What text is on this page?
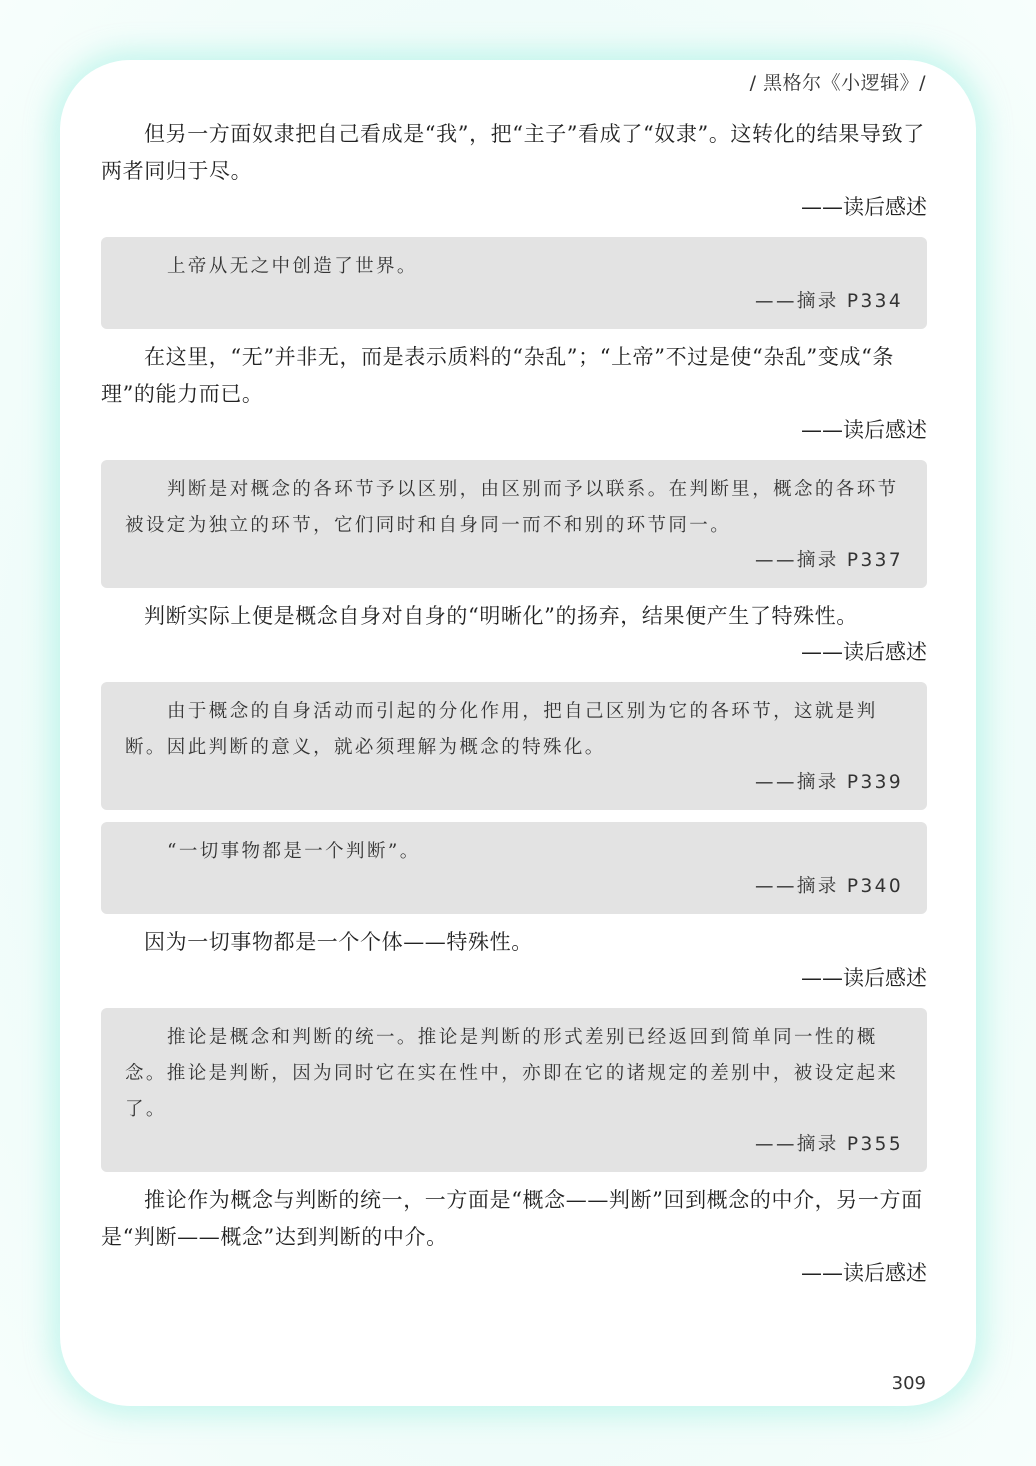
/ 黑格尔《小逻辑》/

但另一方面奴隶把自己看成是“我”，把“主子”看成了“奴隶”。这转化的结果导致了两者同归于尽。

——读后感述

上帝从无之中创造了世界。

——摘录 P334

在这里，“无”并非无，而是表示质料的“杂乱”；“上帝”不过是使“杂乱”变成“条理”的能力而已。

——读后感述

判断是对概念的各环节予以区别，由区别而予以联系。在判断里，概念的各环节被设定为独立的环节，它们同时和自身同一而不和别的环节同一。

——摘录 P337

判断实际上便是概念自身对自身的“明晰化”的扬弃，结果便产生了特殊性。

——读后感述

由于概念的自身活动而引起的分化作用，把自己区别为它的各环节，这就是判断。因此判断的意义，就必须理解为概念的特殊化。

——摘录 P339

“一切事物都是一个判断”。

——摘录 P340

因为一切事物都是一个个体——特殊性。

——读后感述

推论是概念和判断的统一。推论是判断的形式差别已经返回到简单同一性的概念。推论是判断，因为同时它在实在性中，亦即在它的诸规定的差别中，被设定起来了。

——摘录 P355

推论作为概念与判断的统一，一方面是“概念——判断”回到概念的中介，另一方面是“判断——概念”达到判断的中介。

——读后感述

309
